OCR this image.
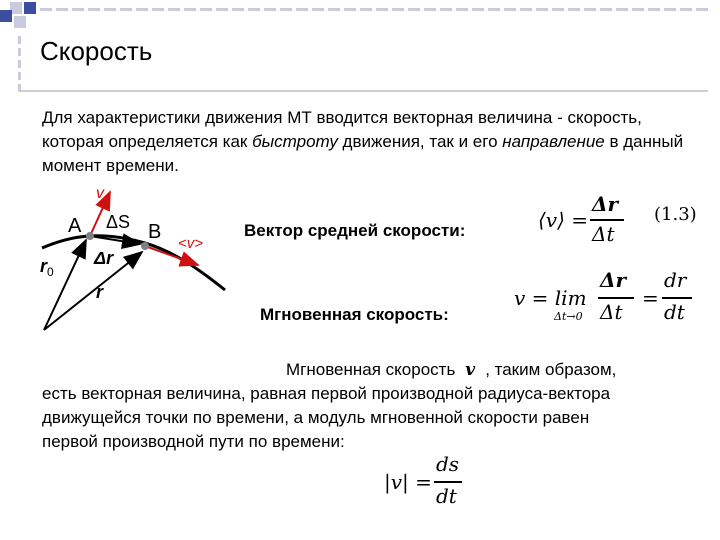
Скорость
Для характеристики движения МТ вводится векторная величина - скорость, которая определяется как быстроту движения, так и его направление в данный момент времени.
A	B
ΔS
Δr
$r_0$
r
v
<v>
Вектор средней скорости:	⟨v⟩ =
Δr
Δt
(1.3)
Мгновенная скорость:
v = lim
Δt→0
Δr
Δt
=
dr
dt
Мгновенная скорость v , таким образом, есть векторная величина, равная первой производной радиуса-вектора движущейся точки по времени, а модуль мгновенной скорости равен первой производной пути по времени:
|v| =
ds
dt
